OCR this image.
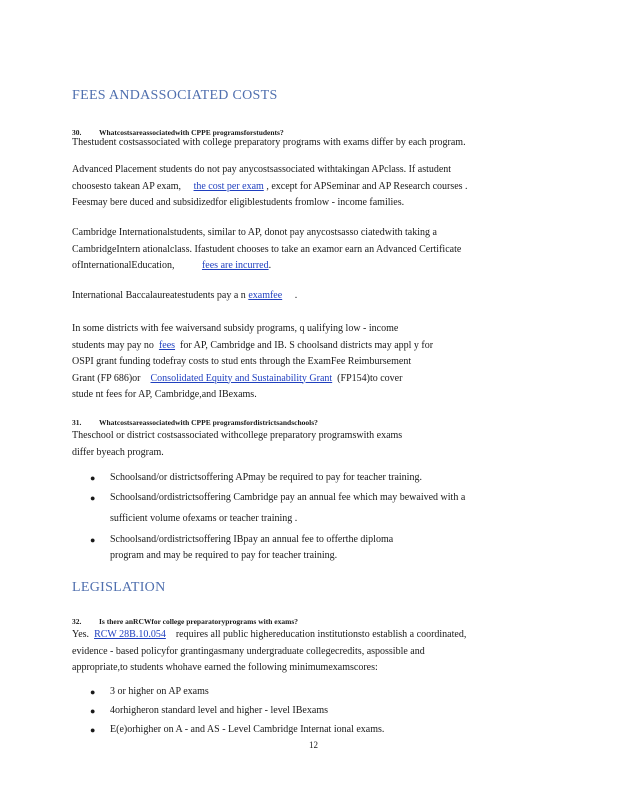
FEES ANDASSOCIATED COSTS

30. Whatcostsareassociatedwith CPPE programsforstudents?

Thestudent costsassociated with college preparatory programs with exams differ by each program.

Advanced Placement students do not pay anycostsassociated withtakingan APclass. If astudent
choosesto takean AP exam, the cost per exam , except for APSeminar and AP Research courses .
Feesmay bere duced and subsidizedfor eligiblestudents fromlow - income families.

Cambridge Internationalstudents, similar to AP, donot pay anycostsasso ciatedwith taking a
CambridgeIntern ationalclass. Ifastudent chooses to take an examor earn an Advanced Certificate
ofInternationalEducation,	fees are incurred.

International Baccalaureatestudents pay a n examfee .

In some districts with fee waiversand subsidy programs, q ualifying low - income
students may pay no fees for AP, Cambridge and IB. S choolsand districts may appl y for
OSPI grant funding todefray costs to stud ents through the ExamFee Reimbursement
Grant (FP 686)or Consolidated Equity and Sustainability Grant (FP154)to cover
stude nt fees for AP, Cambridge,and IBexams.

31. Whatcostsareassociatedwith CPPE programsfordistrictsandschools?

Theschool or district costsassociated withcollege preparatory programswith exams
differ byeach program.

● Schoolsand/or districtsoffering APmay be required to pay for teacher training.
● Schoolsand/ordistrictsoffering Cambridge pay an annual fee which may bewaived with a
sufficient volume ofexams or teacher training .
● Schoolsand/ordistrictsoffering IBpay an annual fee to offerthe diploma
program and may be required to pay for teacher training.
LEGISLATION

32. Is there anRCWfor college preparatoryprograms with exams?

Yes. RCW 28B.10.054 requires all public highereducation institutionsto establish a coordinated,
evidence - based policyfor grantingasmany undergraduate collegecredits, aspossible and
appropriate,to students whohave earned the following minimumexamscores:

● 3 or higher on AP exams
● 4orhigheron standard level and higher - level IBexams
● E(e)orhigher on A - and AS - Level Cambridge Internat ional exams.
12
